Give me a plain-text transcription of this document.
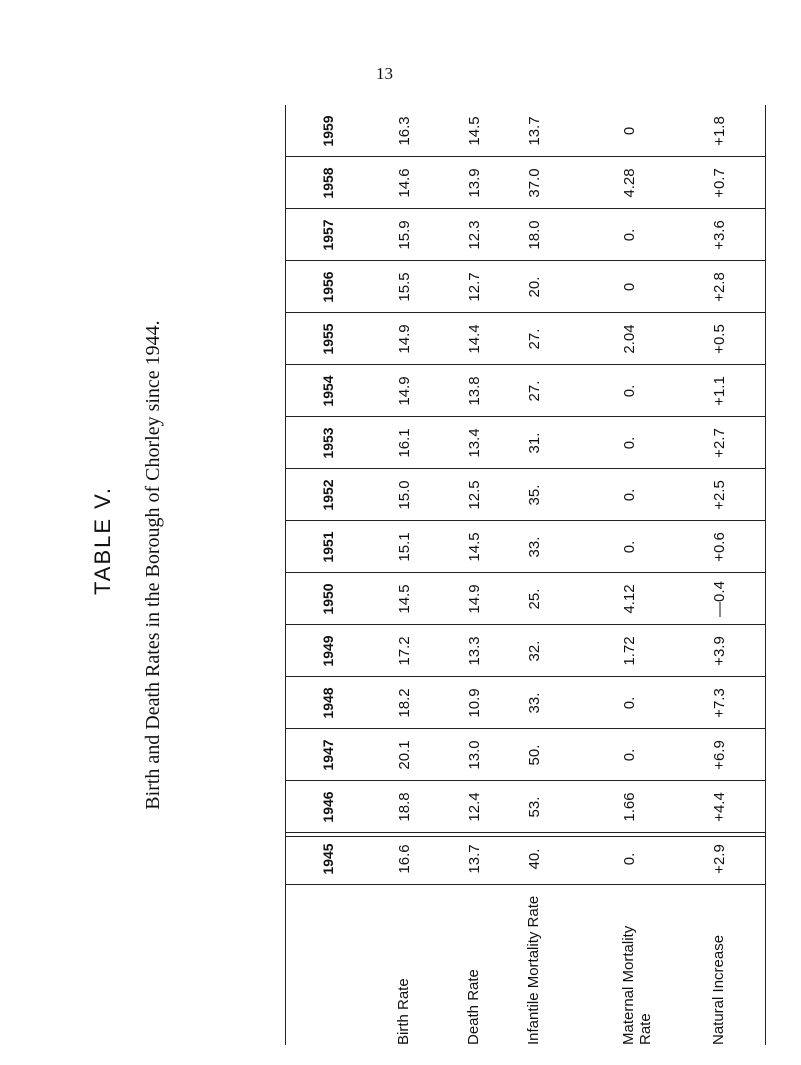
13
TABLE V. Birth and Death Rates in the Borough of Chorley since 1944.
1945
1946
1947
1948
1949
1950
1951
1952
1953
1954
1955
1956
1957
1958
1959
Birth Rate
16.6
18.8
20.1
18.2
17.2
14.5
15.1
15.0
16.1
14.9
14.9
15.5
15.9
14.6
16.3
Death Rate
13.7
12.4
13.0
10.9
13.3
14.9
14.5
12.5
13.4
13.8
14.4
12.7
12.3
13.9
14.5
Infantile Mortality Rate
40.
53.
50.
33.
32.
25.
33.
35.
31.
27.
27.
20.
18.0
37.0
13.7
Maternal Mortality Rate
0.
1.66
0.
0.
1.72
4.12
0.
0.
0.
0.
2.04
0
0.
4.28
0
Natural Increase
+2.9
+4.4
+6.9
+7.3
+3.9
—0.4
+0.6
+2.5
+2.7
+1.1
+0.5
+2.8
+3.6
+0.7
+1.8
